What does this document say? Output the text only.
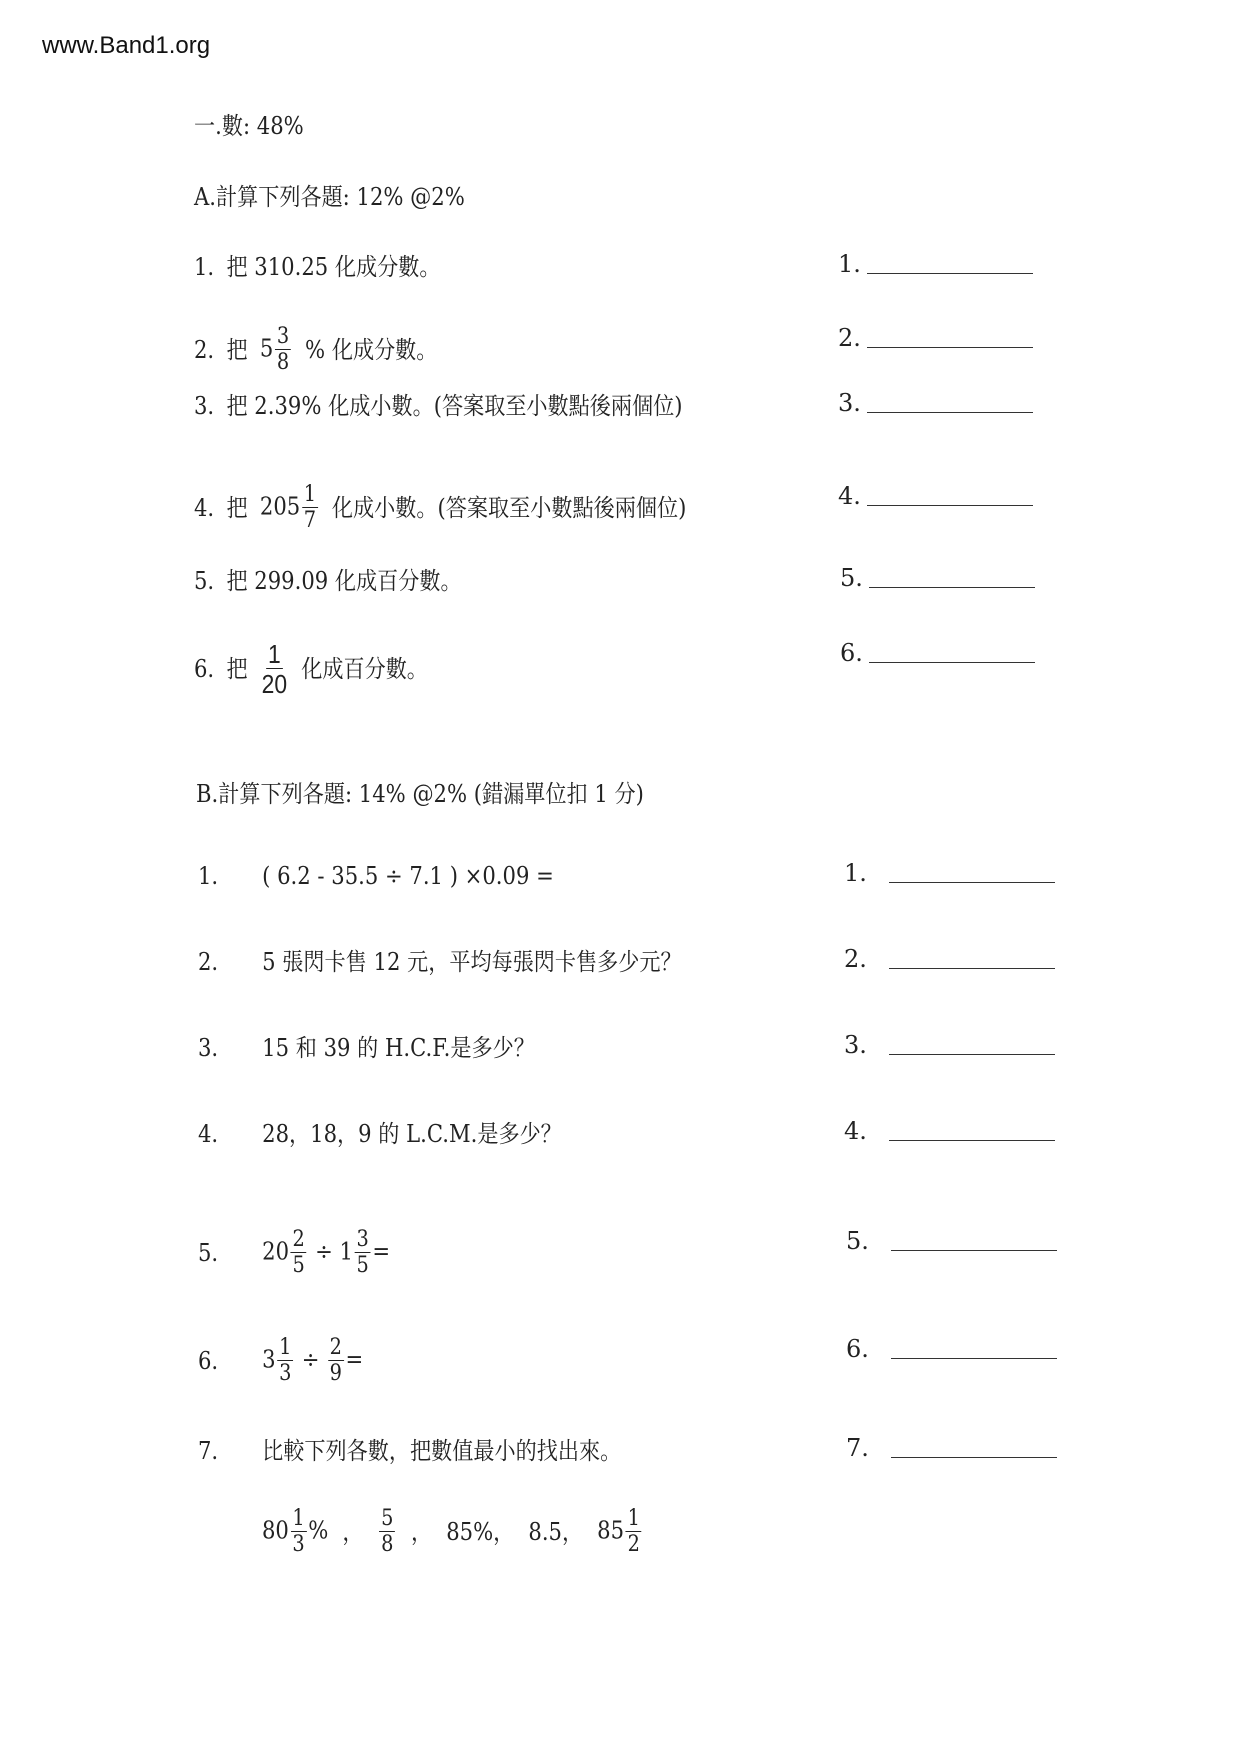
www.Band1.org
一.數: 48%
A.計算下列各題: 12% @2%
1. 把 310.25 化成分數。
2. 把 $5 \frac{3}{8}$ % 化成分數。
3. 把 2.39% 化成小數。(答案取至小數點後兩個位)
4. 把 $205 \frac{1}{7}$ 化成小數。(答案取至小數點後兩個位)
5. 把 299.09 化成百分數。
6. 把 $\frac{1}{20}$ 化成百分數。
1.
2.
3.
4.
5.
6.
B.計算下列各題: 14% @2% (錯漏單位扣 1 分)
1. ( 6.2 - 35.5 ÷ 7.1 ) ×0.09 =
2. 5 張閃卡售 12 元，平均每張閃卡售多少元？
3. 15 和 39 的 H.C.F.是多少？
4. 28，18，9 的 L.C.M.是多少？
5. $20 \frac{2}{5} \div 1 \frac{3}{5}$ =
6. $3 \frac{1}{3} \div \frac{2}{9}$ =
7. 比較下列各數，把數值最小的找出來。
$80 \frac{1}{3}$ % ， $\frac{5}{8}$ ， 85%， 8.5， $85 \frac{1}{2}$
1.
2.
3.
4.
5.
6.
7.
